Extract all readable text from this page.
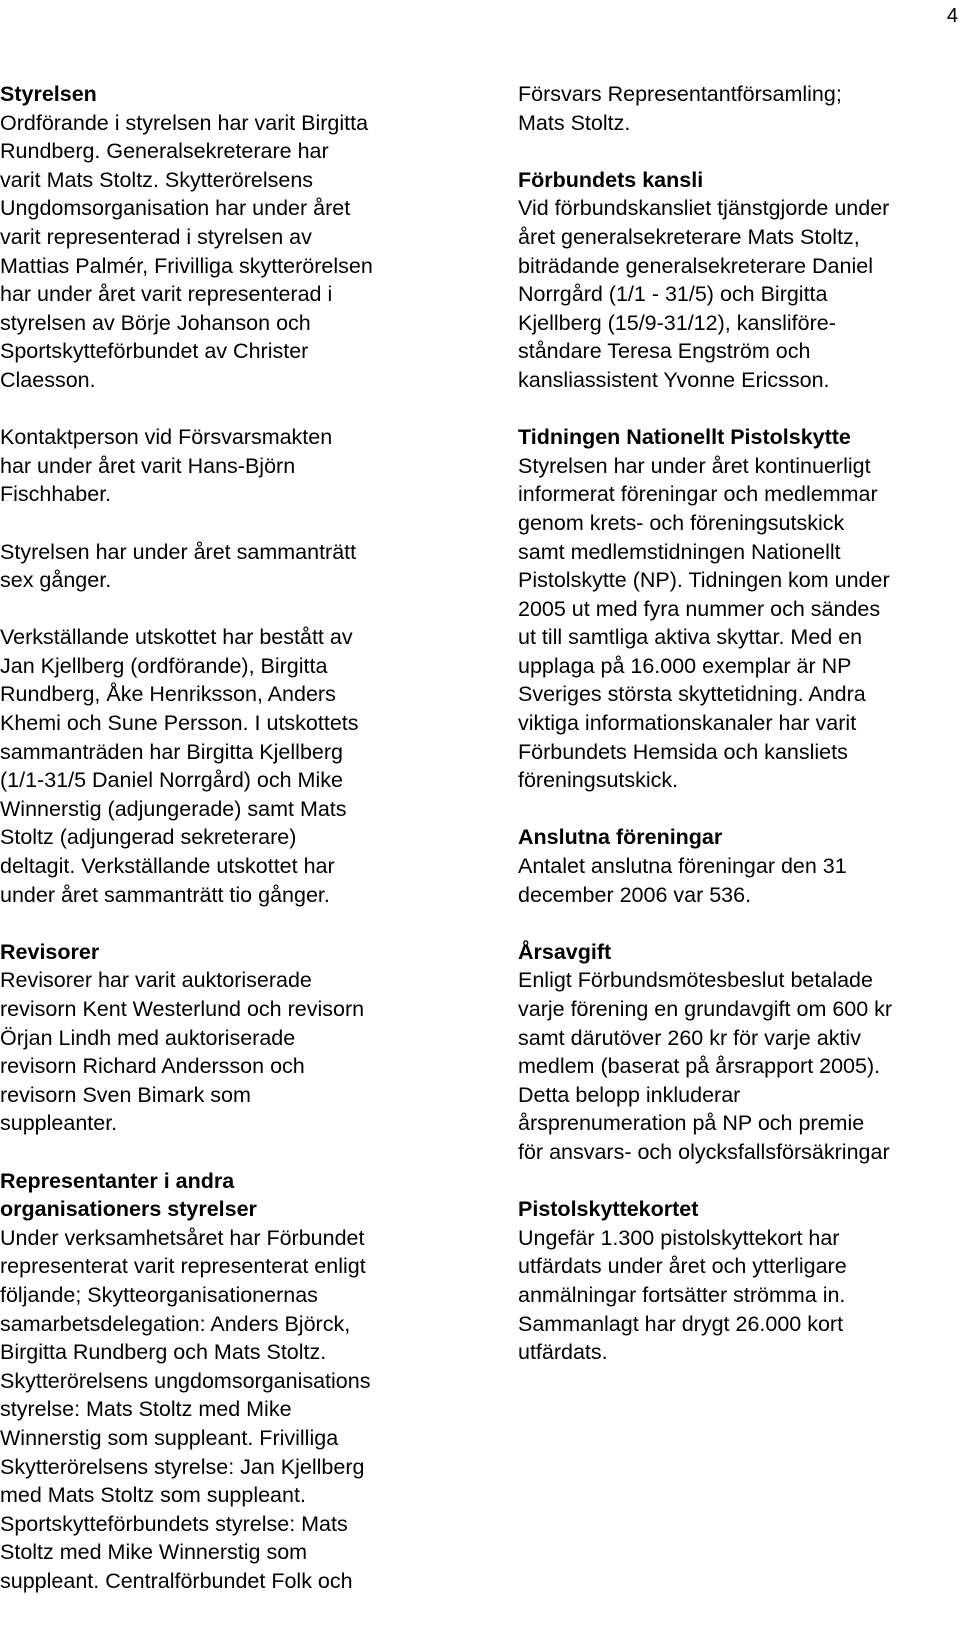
4
Styrelsen
Ordförande i styrelsen har varit Birgitta
Rundberg. Generalsekreterare har
varit Mats Stoltz. Skytterörelsens
Ungdomsorganisation har under året
varit representerad i styrelsen av
Mattias Palmér, Frivilliga skytterörelsen
har under året varit representerad i
styrelsen av Börje Johanson och
Sportskytteförbundet av Christer
Claesson.
Kontaktperson vid Försvarsmakten
har under året varit Hans-Björn
Fischhaber.
Styrelsen har under året sammanträtt
sex gånger.
Verkställande utskottet har bestått av
Jan Kjellberg (ordförande), Birgitta
Rundberg, Åke Henriksson, Anders
Khemi och Sune Persson. I utskottets
sammanträden har Birgitta Kjellberg
(1/1-31/5 Daniel Norrgård) och Mike
Winnerstig (adjungerade) samt Mats
Stoltz (adjungerad sekreterare)
deltagit. Verkställande utskottet har
under året sammanträtt tio gånger.
Revisorer
Revisorer har varit auktoriserade
revisorn Kent Westerlund och revisorn
Örjan Lindh med auktoriserade
revisorn Richard Andersson och
revisorn Sven Bimark som
suppleanter.
Representanter i andra
organisationers styrelser
Under verksamhetsåret har Förbundet
representerat varit representerat enligt
följande; Skytteorganisationernas
samarbetsdelegation: Anders Björck,
Birgitta Rundberg och Mats Stoltz.
Skytterörelsens ungdomsorganisations
styrelse: Mats Stoltz med Mike
Winnerstig som suppleant. Frivilliga
Skytterörelsens styrelse: Jan Kjellberg
med Mats Stoltz som suppleant.
Sportskytteförbundets styrelse: Mats
Stoltz med Mike Winnerstig som
suppleant. Centralförbundet Folk och
Försvars Representantförsamling;
Mats Stoltz.
Förbundets kansli
Vid förbundskansliet tjänstgjorde under
året generalsekreterare Mats Stoltz,
biträdande generalsekreterare Daniel
Norrgård (1/1 - 31/5) och Birgitta
Kjellberg (15/9-31/12), kansliföre-
ståndare Teresa Engström och
kansliassistent Yvonne Ericsson.
Tidningen Nationellt Pistolskytte
Styrelsen har under året kontinuerligt
informerat föreningar och medlemmar
genom krets- och föreningsutskick
samt medlemstidningen Nationellt
Pistolskytte (NP). Tidningen kom under
2005 ut med fyra nummer och sändes
ut till samtliga aktiva skyttar. Med en
upplaga på 16.000 exemplar är NP
Sveriges största skyttetidning. Andra
viktiga informationskanaler har varit
Förbundets Hemsida och kansliets
föreningsutskick.
Anslutna föreningar
Antalet anslutna föreningar den 31
december 2006 var 536.
Årsavgift
Enligt Förbundsmötesbeslut betalade
varje förening en grundavgift om 600 kr
samt därutöver 260 kr för varje aktiv
medlem (baserat på årsrapport 2005).
Detta belopp inkluderar
årsprenumeration på NP och premie
för ansvars- och olycksfallsförsäkringar
Pistolskyttekortet
Ungefär 1.300 pistolskyttekort har
utfärdats under året och ytterligare
anmälningar fortsätter strömma in.
Sammanlagt har drygt 26.000 kort
utfärdats.
